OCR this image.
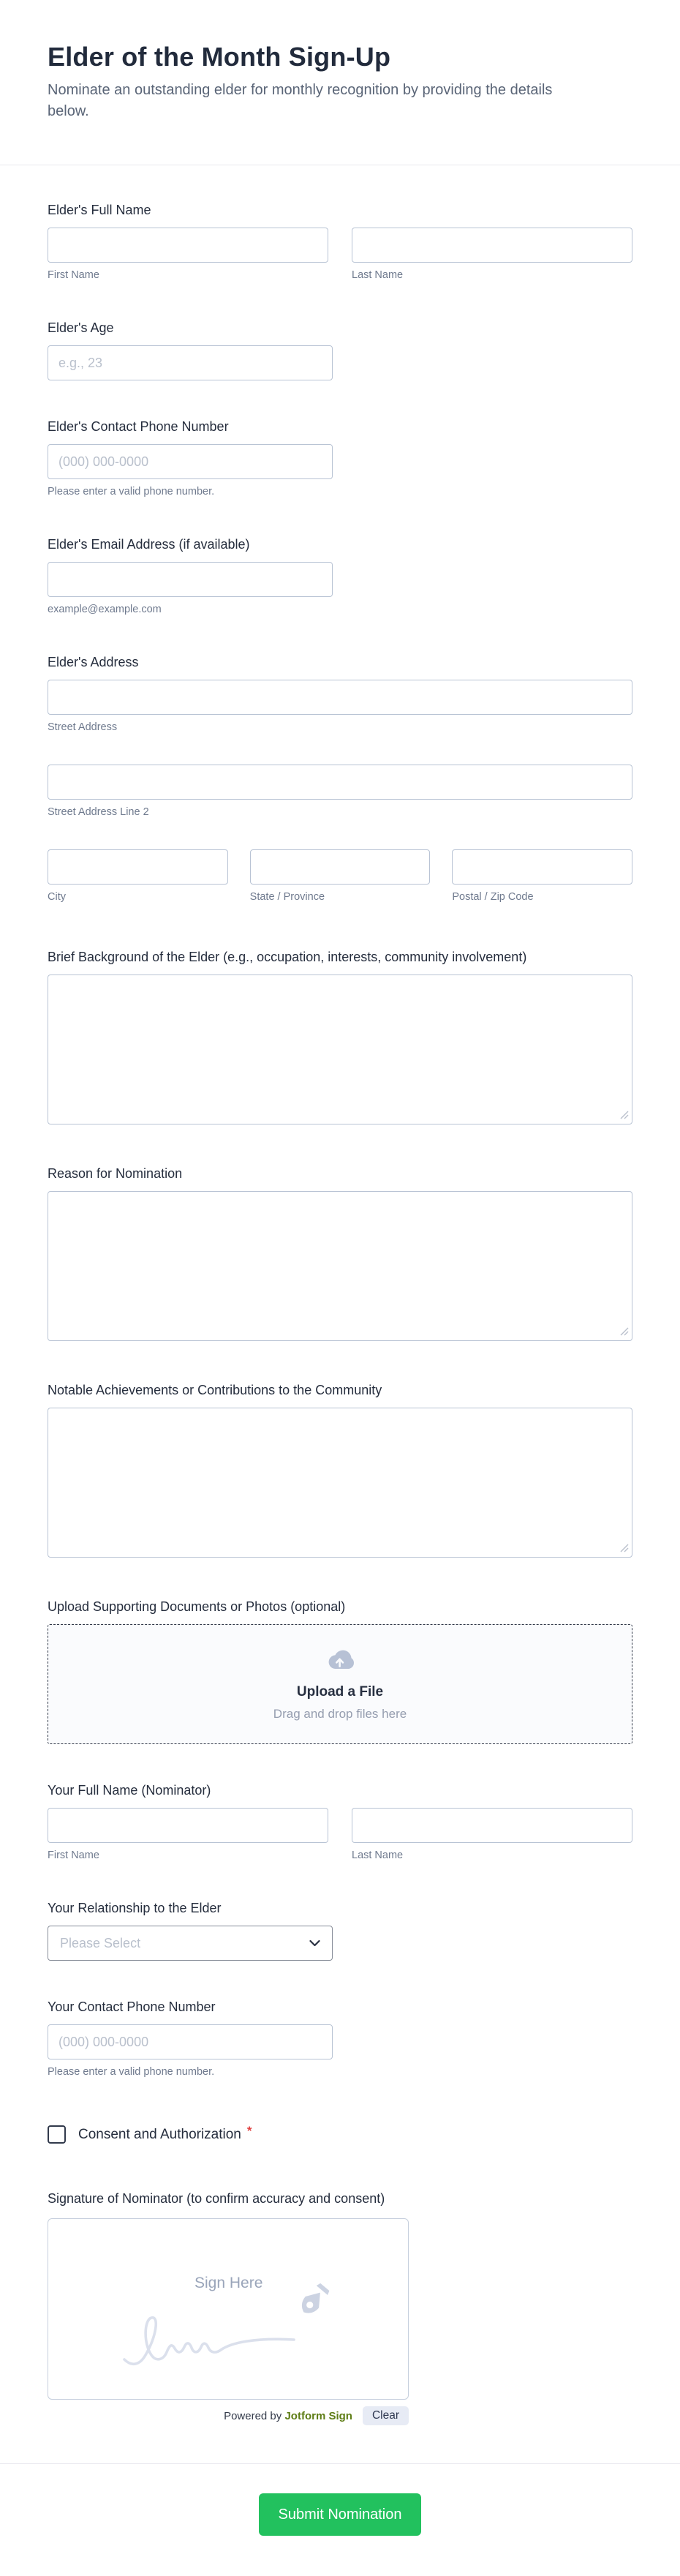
Elder of the Month Sign-Up
Nominate an outstanding elder for monthly recognition by providing the details
below.
Elder's Full Name
First Name	Last Name
Elder's Age
e.g., 23
Elder's Contact Phone Number
(000) 000-0000
Please enter a valid phone number.
Elder's Email Address (if available)
example@example.com
Elder's Address
Street Address
Street Address Line 2
City	State / Province	Postal / Zip Code
Brief Background of the Elder (e.g., occupation, interests, community involvement)
Reason for Nomination
Notable Achievements or Contributions to the Community
Upload Supporting Documents or Photos (optional)
Upload a File
Drag and drop files here
Your Full Name (Nominator)
First Name	Last Name
Your Relationship to the Elder
Please Select
Your Contact Phone Number
(000) 000-0000
Please enter a valid phone number.
Consent and Authorization *
Signature of Nominator (to confirm accuracy and consent)
Sign Here
Powered by Jotform Sign	Clear
Submit Nomination
